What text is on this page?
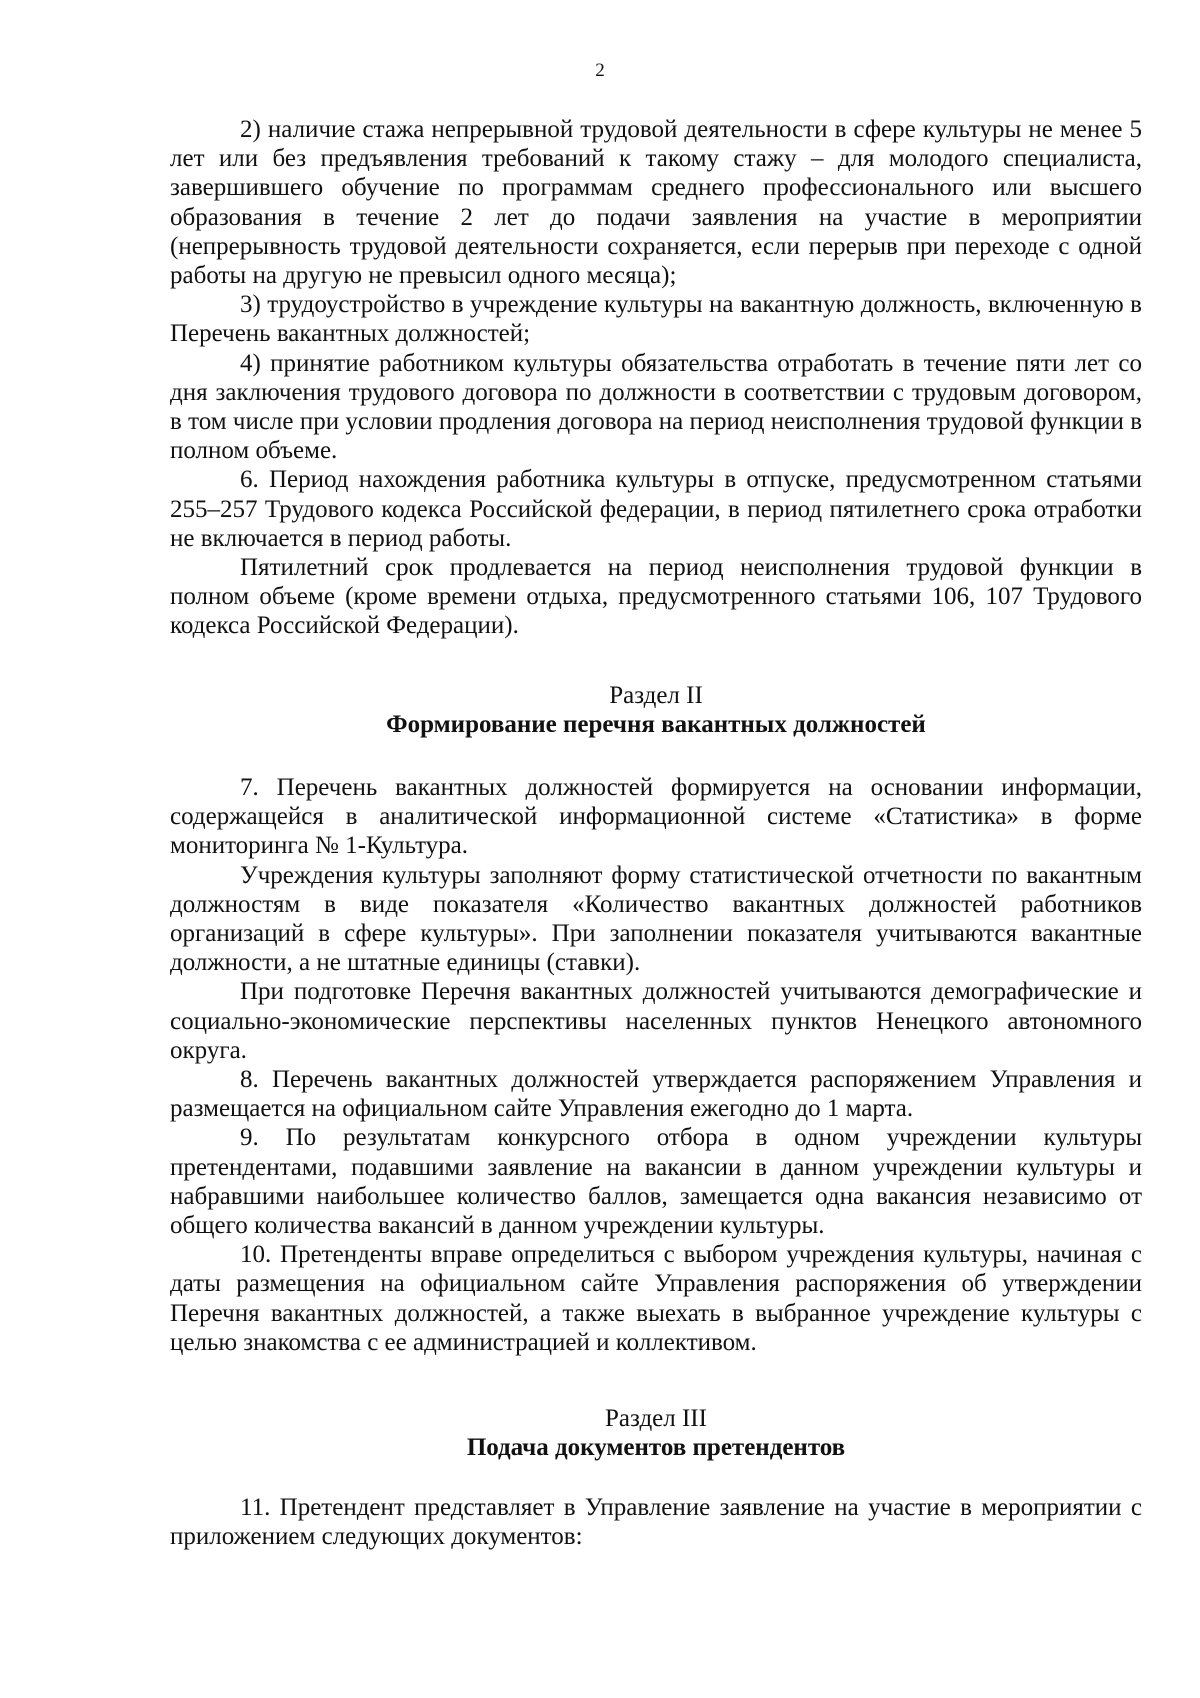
2

2) наличие стажа непрерывной трудовой деятельности в сфере культуры не менее 5 лет или без предъявления требований к такому стажу – для молодого специалиста, завершившего обучение по программам среднего профессионального или высшего образования в течение 2 лет до подачи заявления на участие в мероприятии (непрерывность трудовой деятельности сохраняется, если перерыв при переходе с одной работы на другую не превысил одного месяца);

3) трудоустройство в учреждение культуры на вакантную должность, включенную в Перечень вакантных должностей;

4) принятие работником культуры обязательства отработать в течение пяти лет со дня заключения трудового договора по должности в соответствии с трудовым договором, в том числе при условии продления договора на период неисполнения трудовой функции в полном объеме.

6. Период нахождения работника культуры в отпуске, предусмотренном статьями 255–257 Трудового кодекса Российской федерации, в период пятилетнего срока отработки не включается в период работы.

Пятилетний срок продлевается на период неисполнения трудовой функции в полном объеме (кроме времени отдыха, предусмотренного статьями 106, 107 Трудового кодекса Российской Федерации).

Раздел II

Формирование перечня вакантных должностей

7. Перечень вакантных должностей формируется на основании информации, содержащейся в аналитической информационной системе «Статистика» в форме мониторинга № 1-Культура.

Учреждения культуры заполняют форму статистической отчетности по вакантным должностям в виде показателя «Количество вакантных должностей работников организаций в сфере культуры». При заполнении показателя учитываются вакантные должности, а не штатные единицы (ставки).

При подготовке Перечня вакантных должностей учитываются демографические и социально-экономические перспективы населенных пунктов Ненецкого автономного округа.

8. Перечень вакантных должностей утверждается распоряжением Управления и размещается на официальном сайте Управления ежегодно до 1 марта.

9. По результатам конкурсного отбора в одном учреждении культуры претендентами, подавшими заявление на вакансии в данном учреждении культуры и набравшими наибольшее количество баллов, замещается одна вакансия независимо от общего количества вакансий в данном учреждении культуры.

10. Претенденты вправе определиться с выбором учреждения культуры, начиная с даты размещения на официальном сайте Управления распоряжения об утверждении Перечня вакантных должностей, а также выехать в выбранное учреждение культуры с целью знакомства с ее администрацией и коллективом.

Раздел III

Подача документов претендентов

11. Претендент представляет в Управление заявление на участие в мероприятии с приложением следующих документов:
